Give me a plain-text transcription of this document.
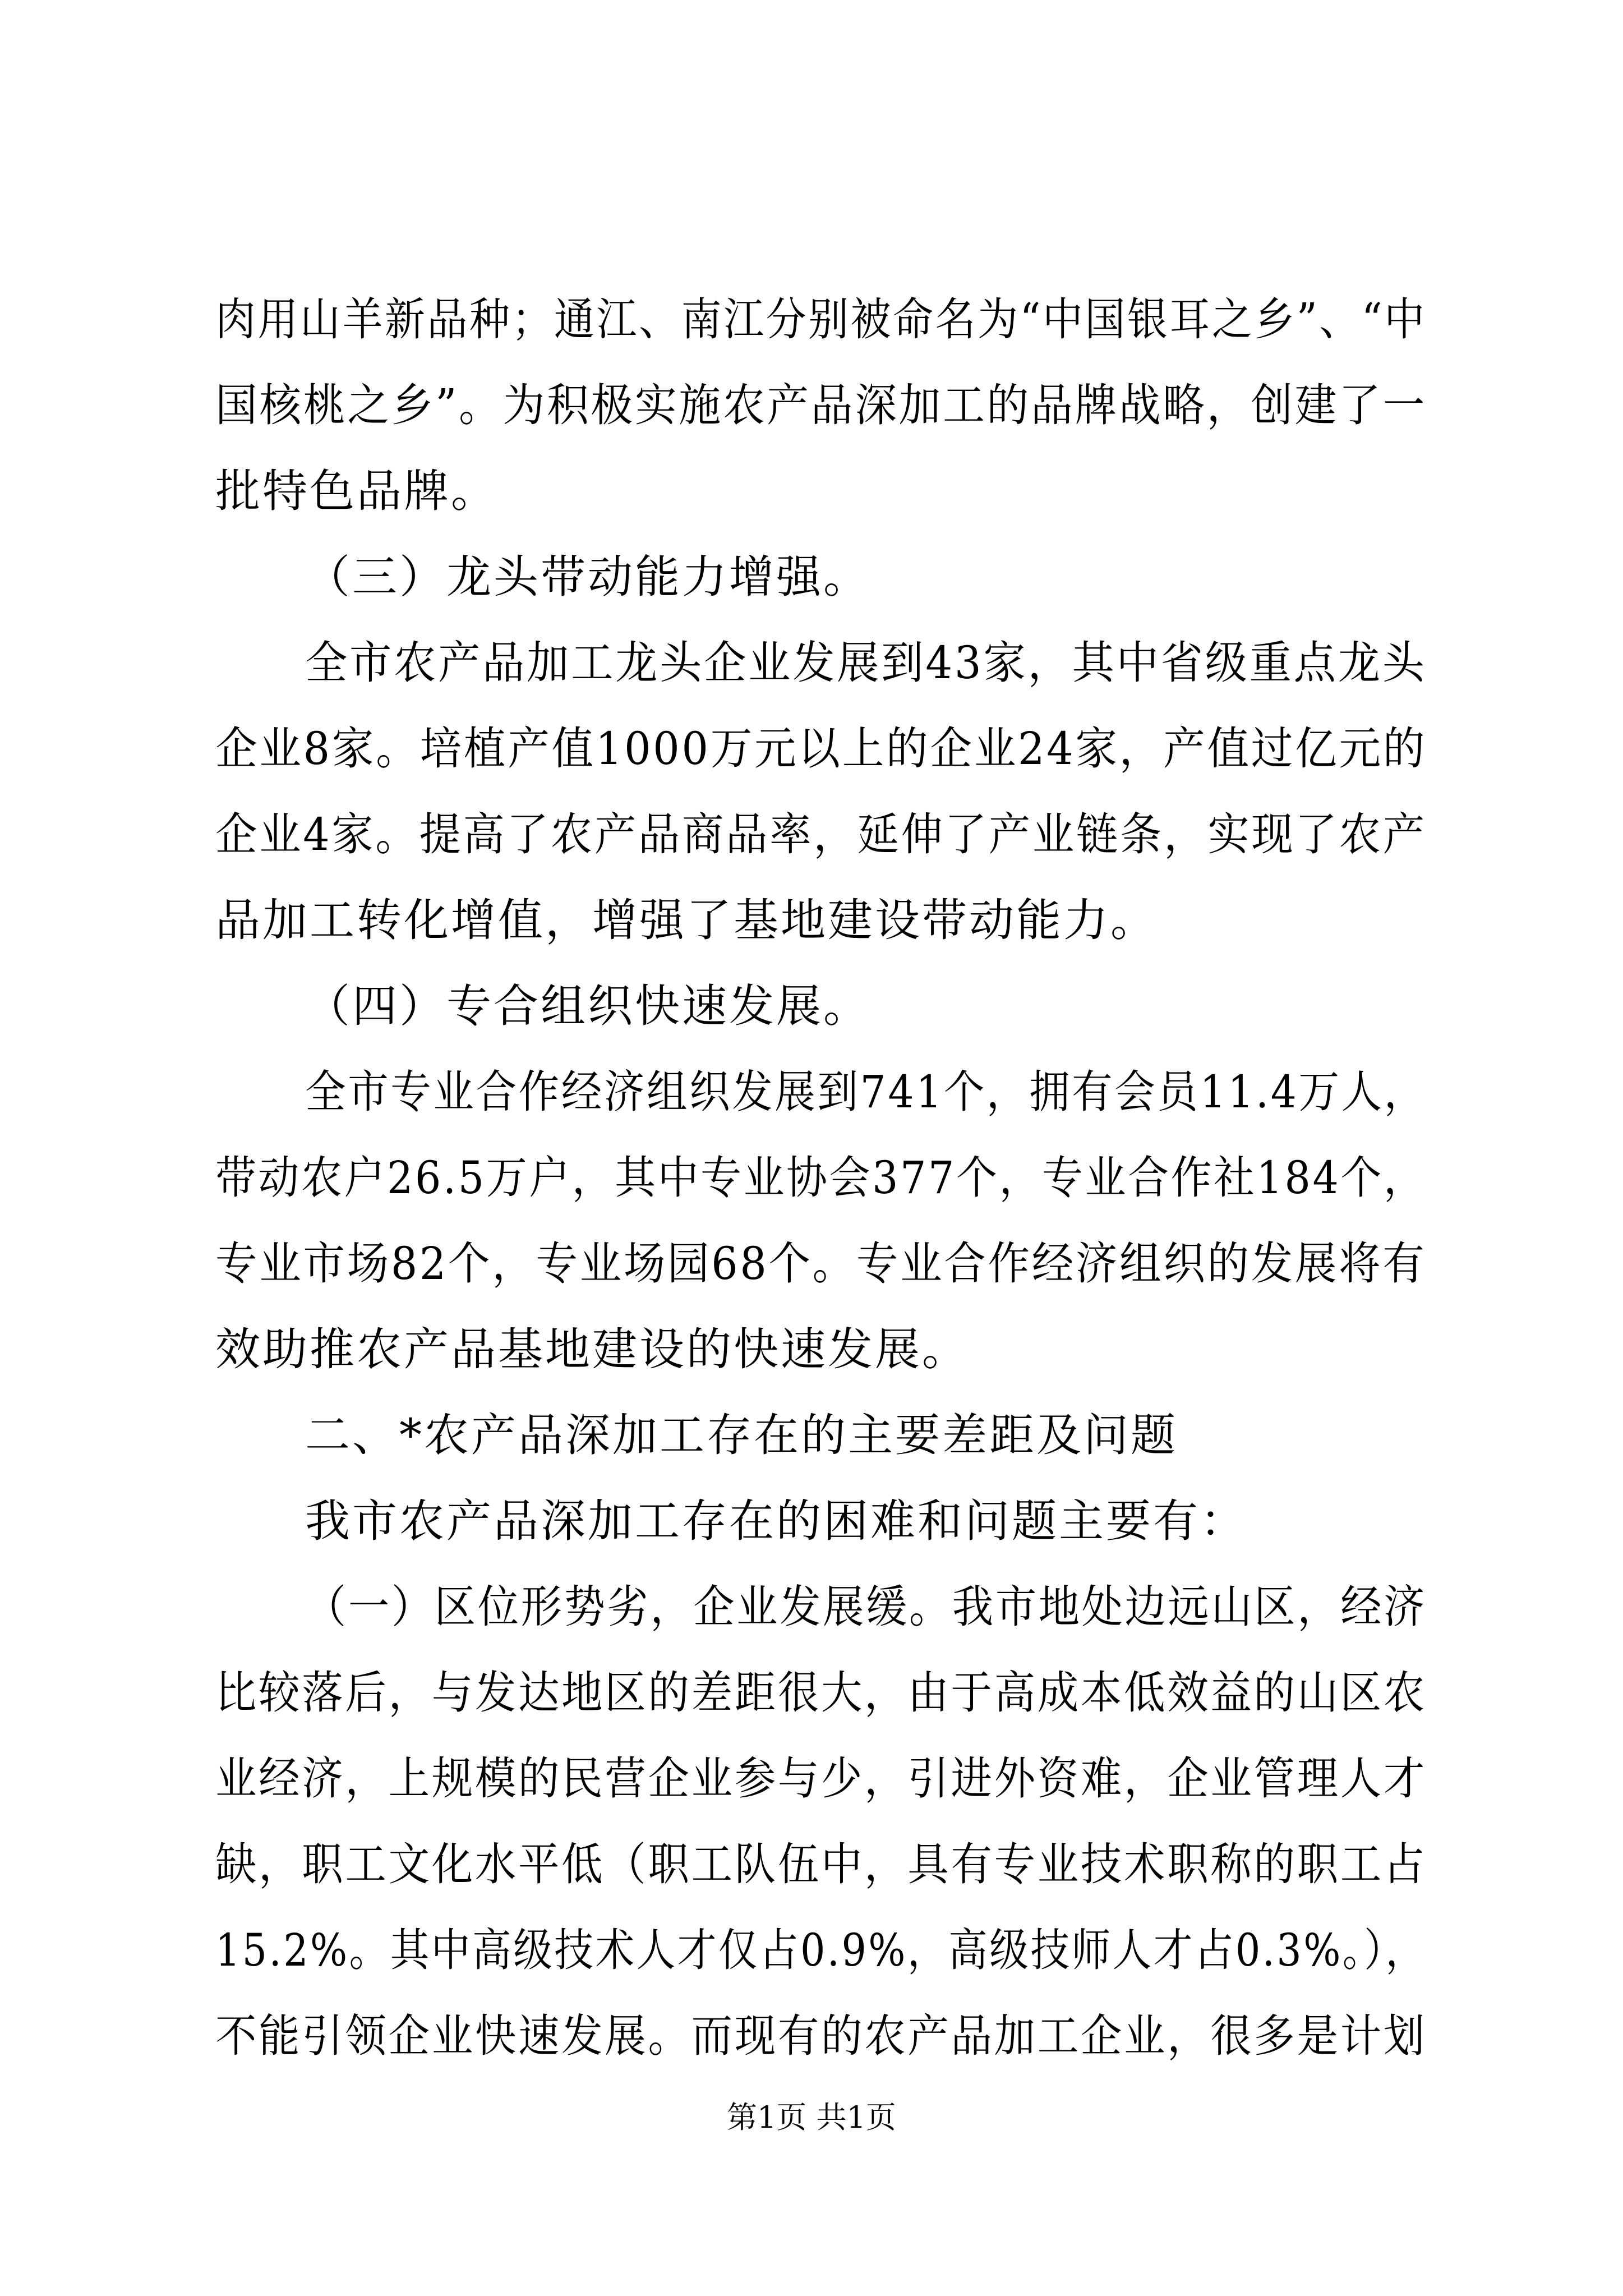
肉用山羊新品种；通江、南江分别被命名为“中国银耳之乡”、“中
国核桃之乡”。为积极实施农产品深加工的品牌战略，创建了一
批特色品牌。
（三）龙头带动能力增强。
全市农产品加工龙头企业发展到43家，其中省级重点龙头
企业8家。培植产值1000万元以上的企业24家，产值过亿元的
企业4家。提高了农产品商品率，延伸了产业链条，实现了农产
品加工转化增值，增强了基地建设带动能力。
（四）专合组织快速发展。
全市专业合作经济组织发展到741个，拥有会员11.4万人，
带动农户26.5万户，其中专业协会377个，专业合作社184个，
专业市场82个，专业场园68个。专业合作经济组织的发展将有
效助推农产品基地建设的快速发展。
二、*农产品深加工存在的主要差距及问题
我市农产品深加工存在的困难和问题主要有：
（一）区位形势劣，企业发展缓。我市地处边远山区，经济
比较落后，与发达地区的差距很大，由于高成本低效益的山区农
业经济，上规模的民营企业参与少，引进外资难，企业管理人才
缺，职工文化水平低（职工队伍中，具有专业技术职称的职工占
15.2%。其中高级技术人才仅占0.9%，高级技师人才占0.3%。），
不能引领企业快速发展。而现有的农产品加工企业，很多是计划
第1页 共1页
